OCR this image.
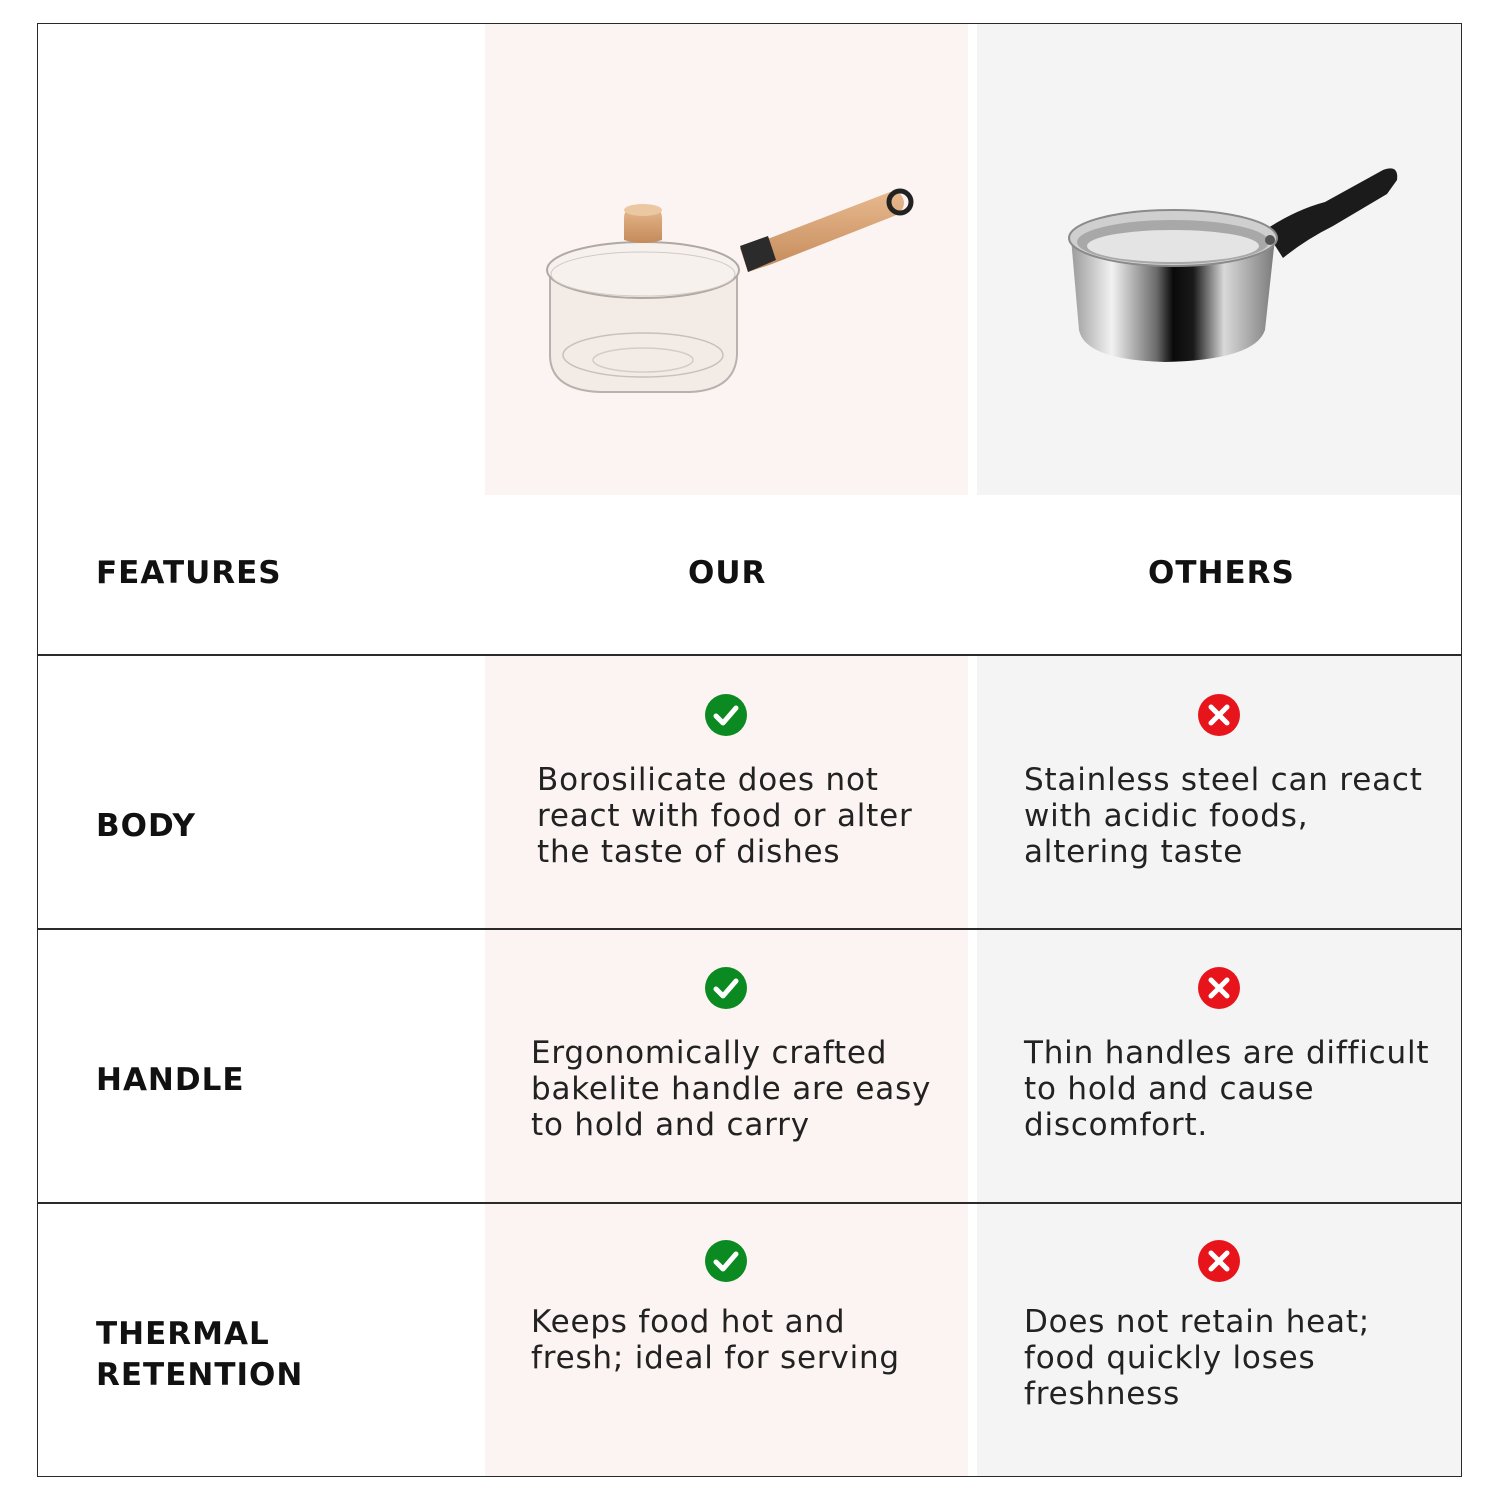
FEATURES	OUR	OTHERS
BODY
Borosilicate does not
react with food or alter
the taste of dishes
Stainless steel can react
with acidic foods,
altering taste
HANDLE
Ergonomically crafted
bakelite handle are easy
to hold and carry
Thin handles are difficult
to hold and cause
discomfort.
THERMAL
RETENTION
Keeps food hot and
fresh; ideal for serving
Does not retain heat;
food quickly loses
freshness
